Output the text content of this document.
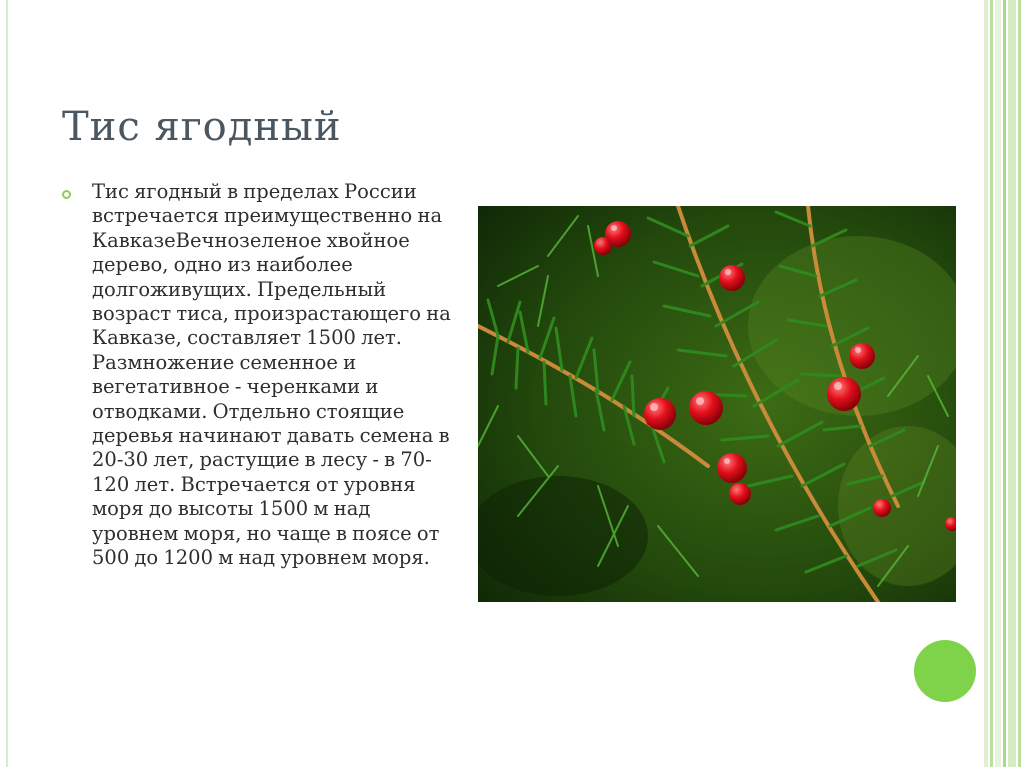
Тис ягодный

Тис ягодный в пределах России встречается преимущественно на КавказеВечнозеленое хвойное дерево, одно из наиболее долгоживущих. Предельный возраст тиса, произрастающего на Кавказе, составляет 1500 лет. Размножение семенное и вегетативное - черенками и отводками. Отдельно стоящие деревья начинают давать семена в 20-30 лет, растущие в лесу - в 70-120 лет. Встречается от уровня моря до высоты 1500 м над уровнем моря, но чаще в поясе от 500 до 1200 м над уровнем моря.
